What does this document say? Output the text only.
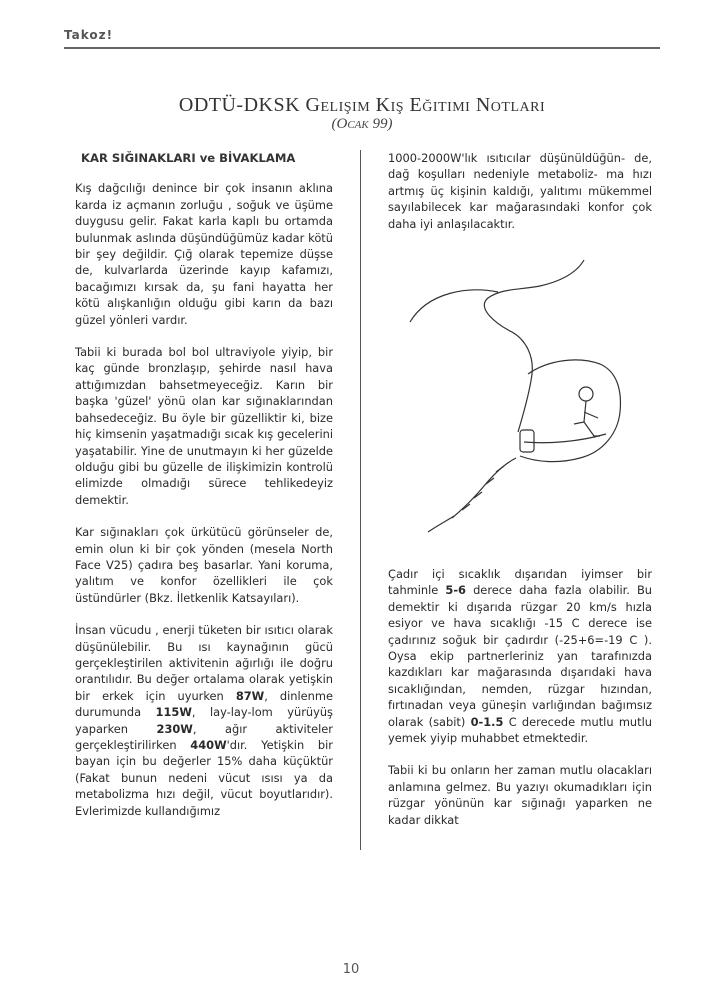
Takoz!
ODTÜ-DKSK Gelişim Kiş Eğitimi Notlari
(Ocak 99)
KAR SIĞINAKLARI ve BİVAKLAMA

Kış dağcılığı denince bir çok insanın aklına karda iz açmanın zorluğu , soğuk ve üşüme duygusu gelir. Fakat karla kaplı bu ortamda bulunmak aslında düşündüğümüz kadar kötü bir şey değildir. Çığ olarak tepemize düşse de, kulvarlarda üzerinde kayıp kafamızı, bacağımızı kırsak da, şu fani hayatta her kötü alışkanlığın olduğu gibi karın da bazı güzel yönleri vardır.

Tabii ki burada bol bol ultraviyole yiyip, bir kaç günde bronzlaşıp, şehirde nasıl hava attığımızdan bahsetmeyeceğiz. Karın bir başka 'güzel' yönü olan kar sığınaklarından bahsedeceğiz. Bu öyle bir güzelliktir ki, bize hiç kimsenin yaşatmadığı sıcak kış gecelerini yaşatabilir. Yine de unutmayın ki her güzelde olduğu gibi bu güzelle de ilişkimizin kontrolü elimizde olmadığı sürece tehlikedeyiz demektir.

Kar sığınakları çok ürkütücü görünseler de, emin olun ki bir çok yönden (mesela North Face V25) çadıra beş basarlar. Yani koruma, yalıtım ve konfor özellikleri ile çok üstündürler (Bkz. İletkenlik Katsayıları).

İnsan vücudu , enerji tüketen bir ısıtıcı olarak düşünülebilir. Bu ısı kaynağının gücü gerçekleştirilen aktivitenin ağırlığı ile doğru orantılıdır. Bu değer ortalama olarak yetişkin bir erkek için uyurken 87W, dinlenme durumunda 115W, lay-lay-lom yürüyüş yaparken 230W, ağır aktiviteler gerçekleştirilirken 440W'dır. Yetişkin bir bayan için bu değerler 15% daha küçüktür (Fakat bunun nedeni vücut ısısı ya da metabolizma hızı değil, vücut boyutlarıdır). Evlerimizde kullandığımız

1000-2000W'lık ısıtıcılar düşünüldüğün- de, dağ koşulları nedeniyle metaboliz- ma hızı artmış üç kişinin kaldığı, yalıtımı mükemmel sayılabilecek kar mağarasındaki konfor çok daha iyi anlaşılacaktır.

Çadır içi sıcaklık dışarıdan iyimser bir tahminle 5-6 derece daha fazla olabilir. Bu demektir ki dışarıda rüzgar 20 km/s hızla esiyor ve hava sıcaklığı -15 C derece ise çadırınız soğuk bir çadırdır (-25+6=-19 C ). Oysa ekip partnerleriniz yan tarafınızda kazdıkları kar mağarasında dışarıdaki hava sıcaklığından, nemden, rüzgar hızından, fırtınadan veya güneşin varlığından bağımsız olarak (sabit) 0-1.5 C derecede mutlu mutlu yemek yiyip muhabbet etmektedir.

Tabii ki bu onların her zaman mutlu olacakları anlamına gelmez. Bu yazıyı okumadıkları için rüzgar yönünün kar sığınağı yaparken ne kadar dikkat

10
